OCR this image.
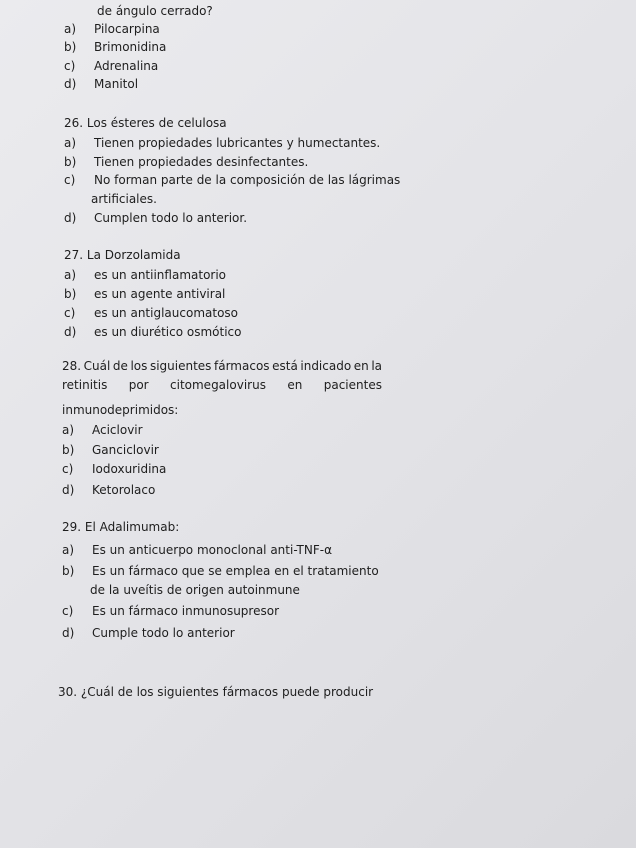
de ángulo cerrado?
a) Pilocarpina
b) Brimonidina
c) Adrenalina
d) Manitol
26. Los ésteres de celulosa
a) Tienen propiedades lubricantes y humectantes.
b) Tienen propiedades desinfectantes.
c) No forman parte de la composición de las lágrimas
artificiales.
d) Cumplen todo lo anterior.
27. La Dorzolamida
a) es un antiinflamatorio
b) es un agente antiviral
c) es un antiglaucomatoso
d) es un diurético osmótico
28. Cuál de los siguientes fármacos está indicado en la
retinitis por citomegalovirus en pacientes
inmunodeprimidos:
a) Aciclovir
b) Ganciclovir
c) Iodoxuridina
d) Ketorolaco
29. El Adalimumab:
a) Es un anticuerpo monoclonal anti-TNF-α
b) Es un fármaco que se emplea en el tratamiento
de la uveítis de origen autoinmune
c) Es un fármaco inmunosupresor
d) Cumple todo lo anterior
30. ¿Cuál de los siguientes fármacos puede producir
